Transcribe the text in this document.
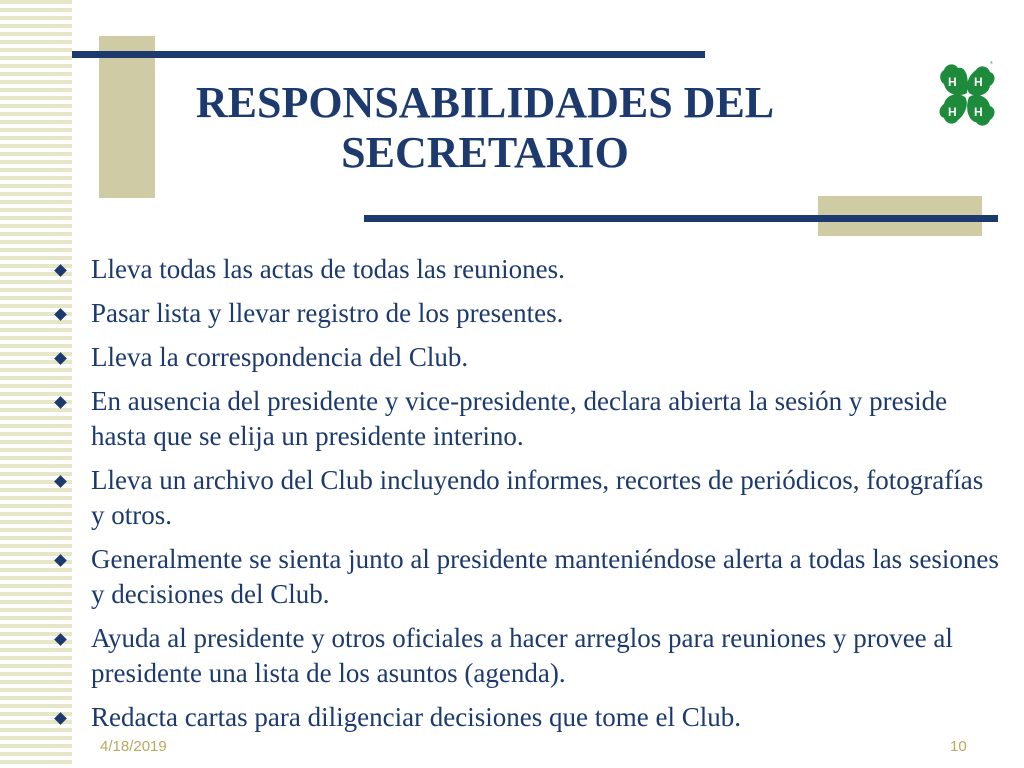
RESPONSABILIDADES DEL
SECRETARIO
H H
H H
®
Lleva todas las actas de todas las reuniones.
Pasar lista y llevar registro de los presentes.
Lleva la correspondencia del Club.
En ausencia del presidente y vice-presidente, declara abierta la sesión y preside hasta que se elija un presidente interino.
Lleva un archivo del Club incluyendo informes, recortes de periódicos, fotografías y otros.
Generalmente se sienta junto al presidente manteniéndose alerta a todas las sesiones y decisiones del Club.
Ayuda al presidente y otros oficiales a hacer arreglos para reuniones y provee al presidente una lista de los asuntos (agenda).
Redacta cartas para diligenciar decisiones que tome el Club.
4/18/2019	10
